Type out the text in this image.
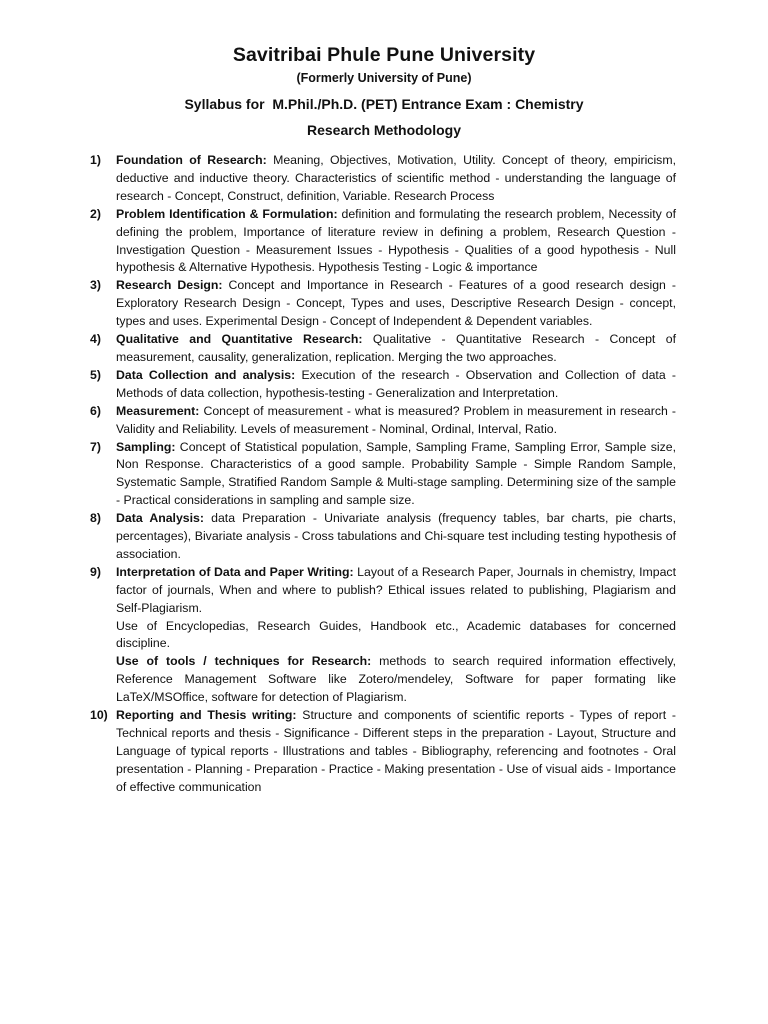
Savitribai Phule Pune University
(Formerly University of Pune)
Syllabus for  M.Phil./Ph.D. (PET) Entrance Exam : Chemistry
Research Methodology
1)	Foundation of Research: Meaning, Objectives, Motivation, Utility. Concept of theory, empiricism, deductive and inductive theory. Characteristics of scientific method - understanding the language of research - Concept, Construct, definition, Variable. Research Process
2)	Problem Identification & Formulation: definition and formulating the research problem, Necessity of defining the problem, Importance of literature review in defining a problem, Research Question - Investigation Question - Measurement Issues - Hypothesis - Qualities of a good hypothesis - Null hypothesis & Alternative Hypothesis. Hypothesis Testing - Logic & importance
3)	Research Design: Concept and Importance in Research - Features of a good research design - Exploratory Research Design - Concept, Types and uses, Descriptive Research Design - concept, types and uses. Experimental Design - Concept of Independent & Dependent variables.
4)	Qualitative and Quantitative Research: Qualitative - Quantitative Research - Concept of measurement, causality, generalization, replication. Merging the two approaches.
5)	Data Collection and analysis: Execution of the research - Observation and Collection of data - Methods of data collection, hypothesis-testing - Generalization and Interpretation.
6)	Measurement: Concept of measurement - what is measured? Problem in measurement in research - Validity and Reliability. Levels of measurement - Nominal, Ordinal, Interval, Ratio.
7)	Sampling: Concept of Statistical population, Sample, Sampling Frame, Sampling Error, Sample size, Non Response. Characteristics of a good sample. Probability Sample - Simple Random Sample, Systematic Sample, Stratified Random Sample & Multi-stage sampling. Determining size of the sample - Practical considerations in sampling and sample size.
8)	Data Analysis: data Preparation - Univariate analysis (frequency tables, bar charts, pie charts, percentages), Bivariate analysis - Cross tabulations and Chi-square test including testing hypothesis of association.
9)	Interpretation of Data and Paper Writing: Layout of a Research Paper, Journals in chemistry, Impact factor of journals, When and where to publish? Ethical issues related to publishing, Plagiarism and Self-Plagiarism.
Use of Encyclopedias, Research Guides, Handbook etc., Academic databases for concerned discipline.
Use of tools / techniques for Research: methods to search required information effectively, Reference Management Software like Zotero/mendeley, Software for paper formating like LaTeX/MSOffice, software for detection of Plagiarism.
10) Reporting and Thesis writing: Structure and components of scientific reports - Types of report - Technical reports and thesis - Significance - Different steps in the preparation - Layout, Structure and Language of typical reports - Illustrations and tables - Bibliography, referencing and footnotes - Oral presentation - Planning - Preparation - Practice - Making presentation - Use of visual aids - Importance of effective communication
